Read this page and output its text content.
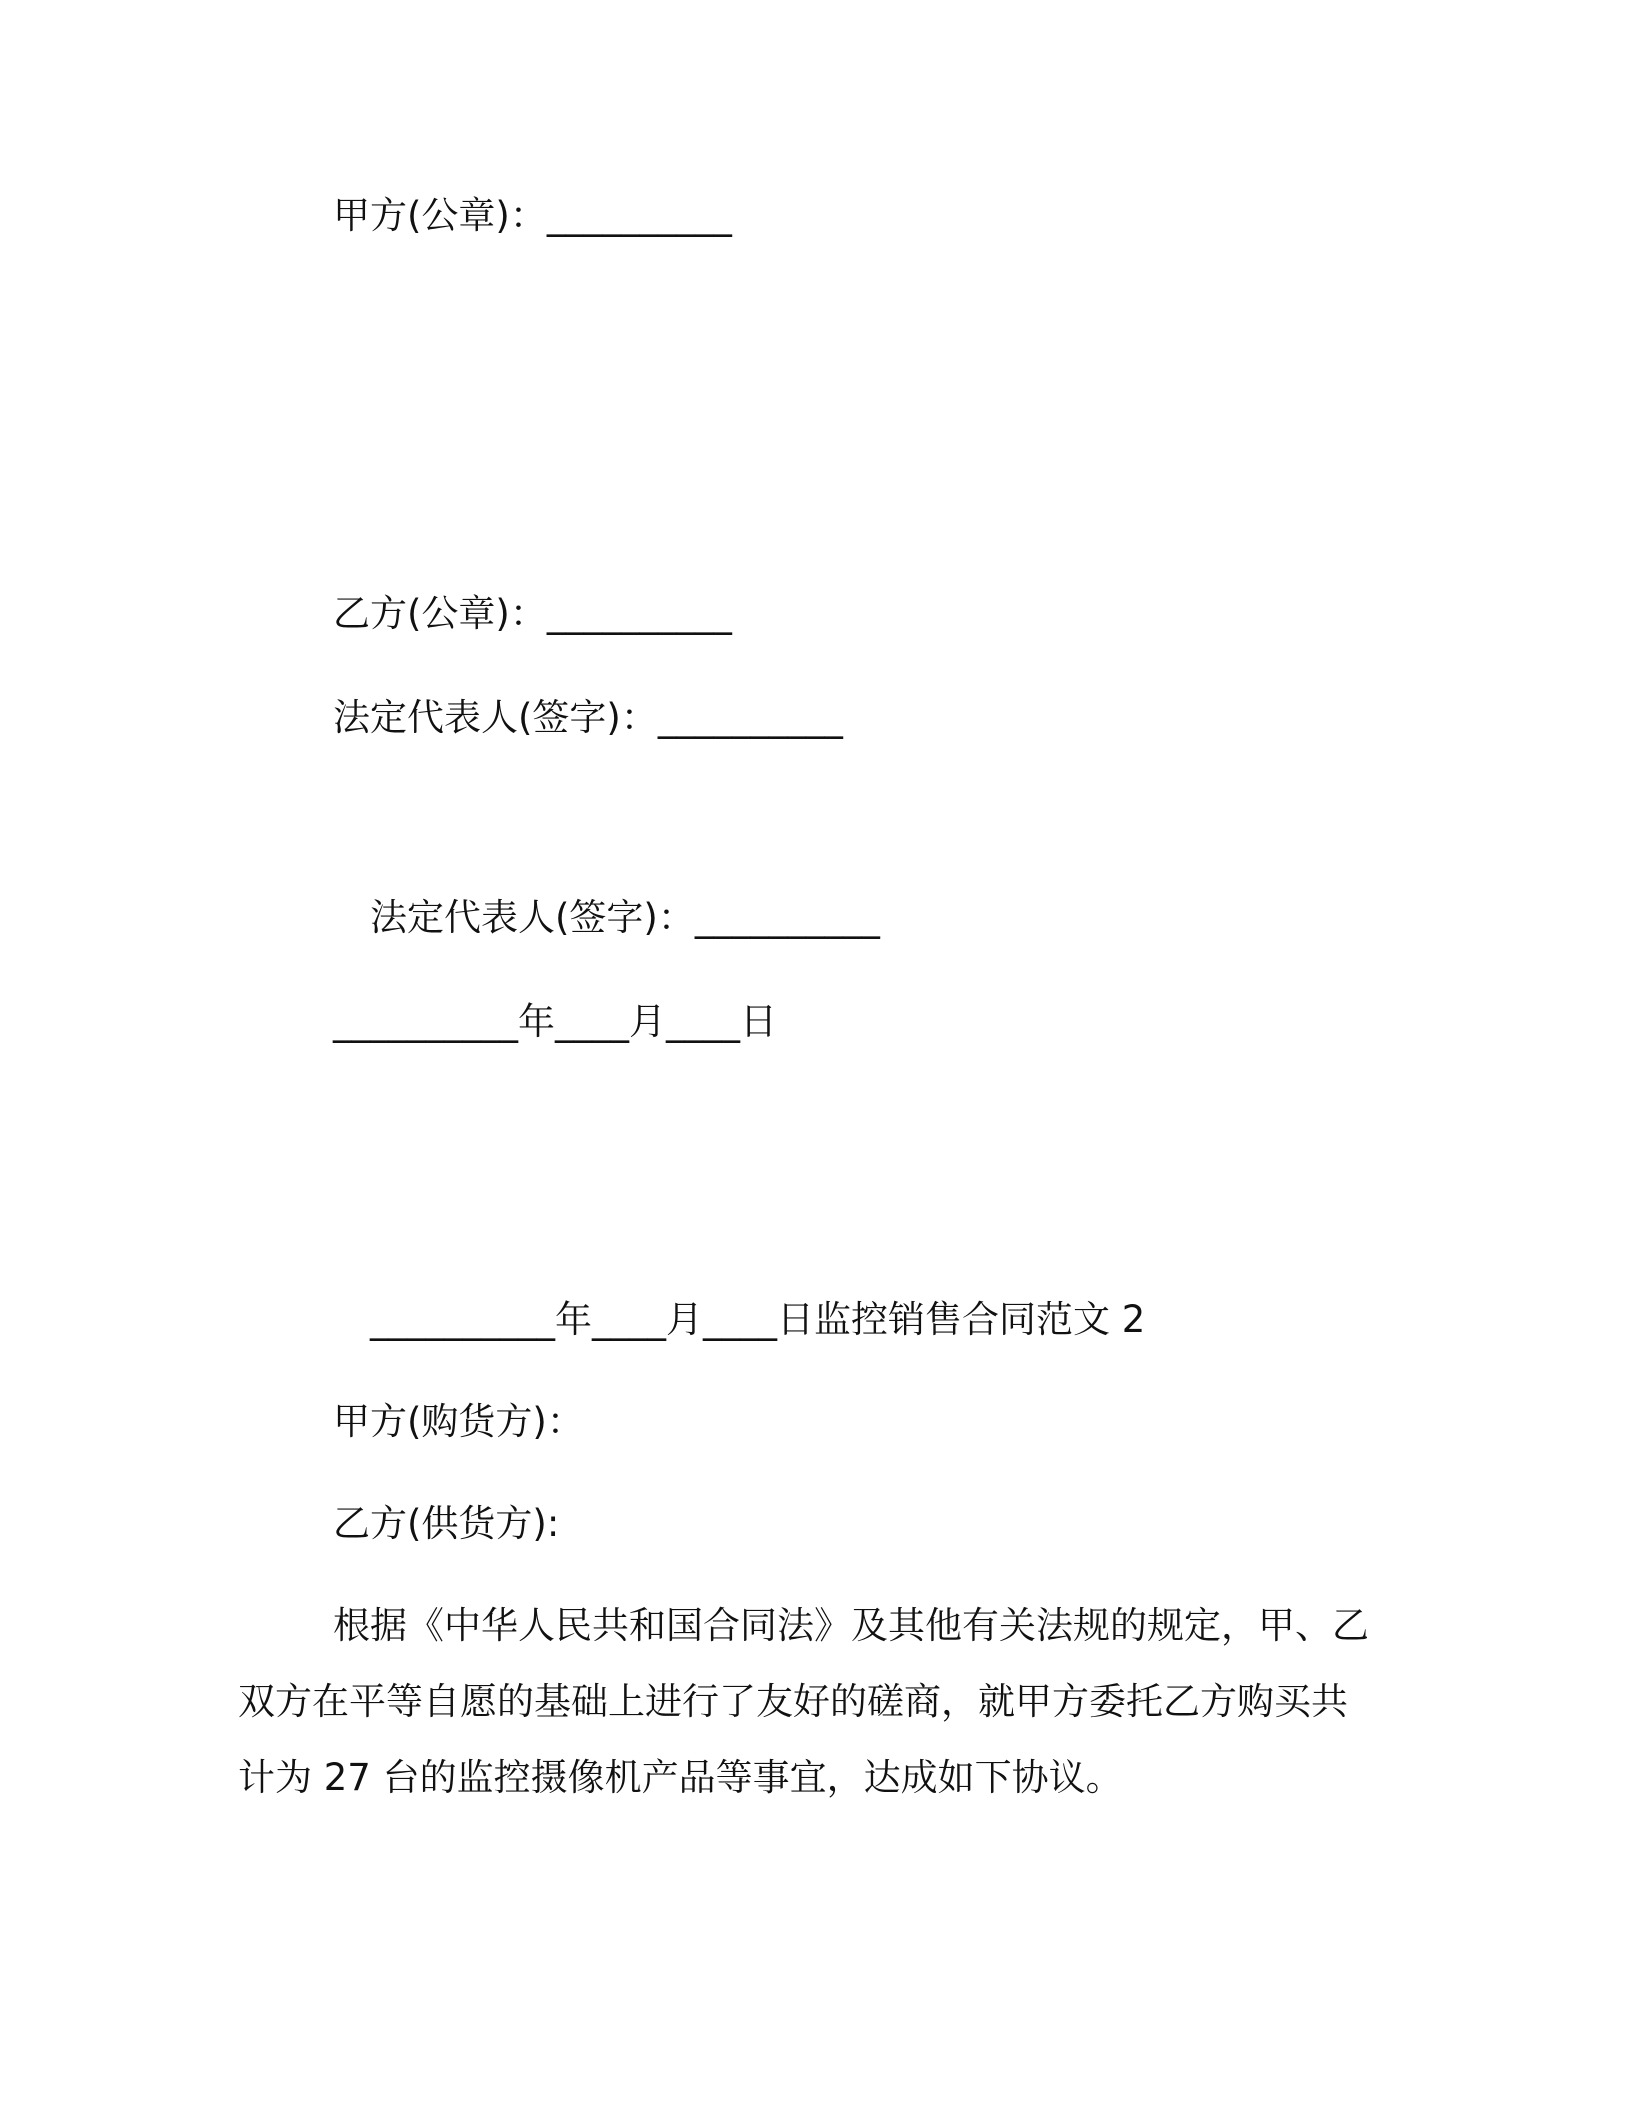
甲方(公章)：__________
乙方(公章)：__________
法定代表人(签字)：__________
法定代表人(签字)：__________
__________年____月____日
__________年____月____日监控销售合同范文 2
甲方(购货方)：
乙方(供货方):
根据《中华人民共和国合同法》及其他有关法规的规定，甲、乙
双方在平等自愿的基础上进行了友好的磋商，就甲方委托乙方购买共
计为 27 台的监控摄像机产品等事宜，达成如下协议。
